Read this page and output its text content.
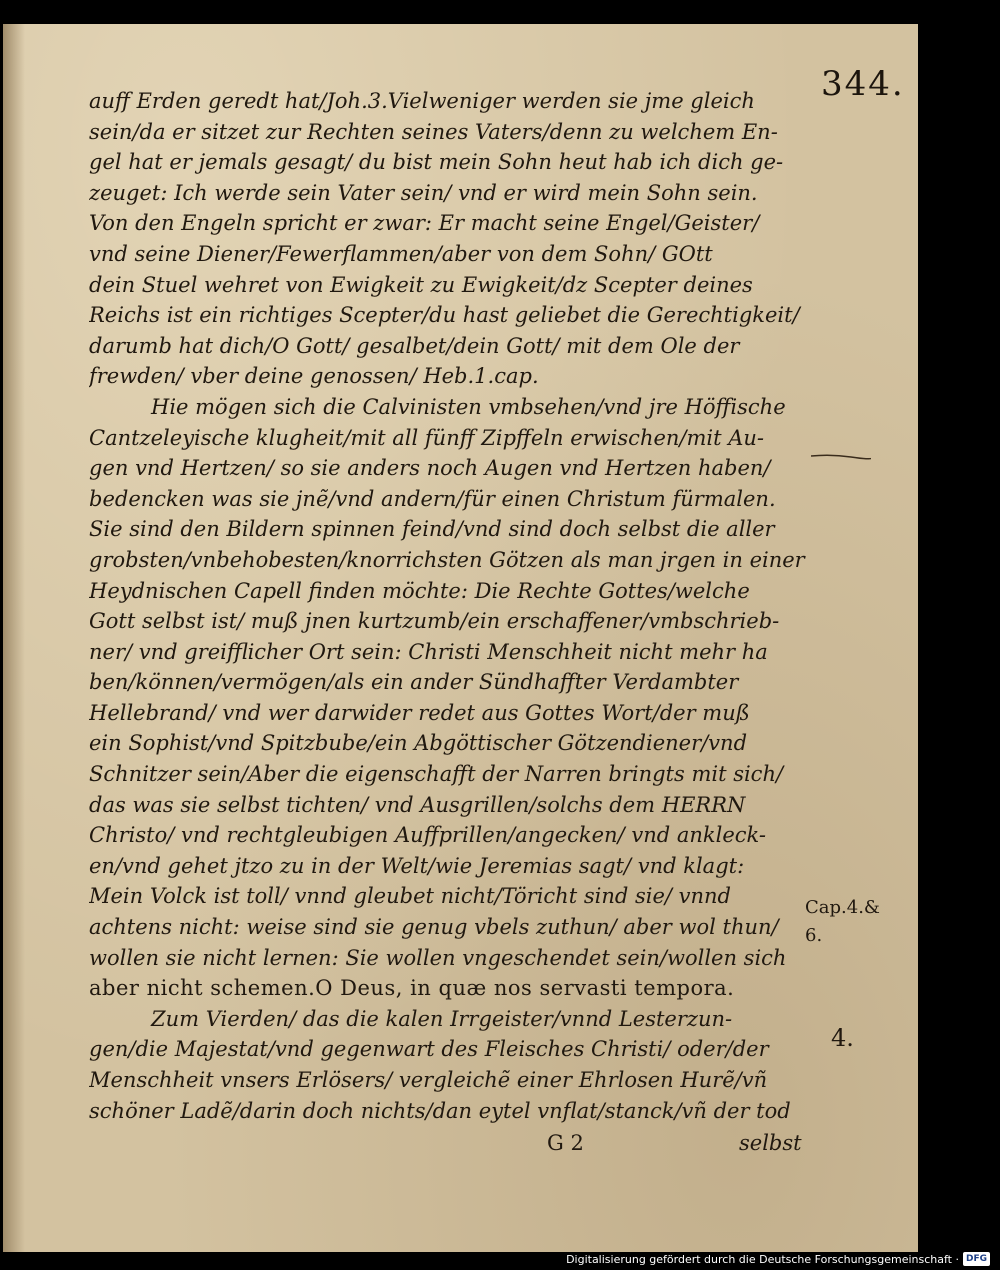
344.
auff Erden geredt hat/Joh.3.Vielweniger werden sie jme gleich
sein/da er sitzet zur Rechten seines Vaters/denn zu welchem En-
gel hat er jemals gesagt/ du bist mein Sohn heut hab ich dich ge-
zeuget: Ich werde sein Vater sein/ vnd er wird mein Sohn sein.
Von den Engeln spricht er zwar: Er macht seine Engel/Geister/
vnd seine Diener/Fewerflammen/aber von dem Sohn/ GOtt
dein Stuel wehret von Ewigkeit zu Ewigkeit/dz Scepter deines
Reichs ist ein richtiges Scepter/du hast geliebet die Gerechtigkeit/
darumb hat dich/O Gott/ gesalbet/dein Gott/ mit dem Ole der
frewden/ vber deine genossen/ Heb.1.cap.
Hie mögen sich die Calvinisten vmbsehen/vnd jre Höffische
Cantzeleyische klugheit/mit all fünff Zipffeln erwischen/mit Au-
gen vnd Hertzen/ so sie anders noch Augen vnd Hertzen haben/
bedencken was sie jnẽ/vnd andern/für einen Christum fürmalen.
Sie sind den Bildern spinnen feind/vnd sind doch selbst die aller
grobsten/vnbehobesten/knorrichsten Götzen als man jrgen in einer
Heydnischen Capell finden möchte: Die Rechte Gottes/welche
Gott selbst ist/ muß jnen kurtzumb/ein erschaffener/vmbschrieb-
ner/ vnd greifflicher Ort sein: Christi Menschheit nicht mehr ha
ben/können/vermögen/als ein ander Sündhaffter Verdambter
Hellebrand/ vnd wer darwider redet aus Gottes Wort/der muß
ein Sophist/vnd Spitzbube/ein Abgöttischer Götzendiener/vnd
Schnitzer sein/Aber die eigenschafft der Narren bringts mit sich/
das was sie selbst tichten/ vnd Ausgrillen/solchs dem HERRN
Christo/ vnd rechtgleubigen Auffprillen/angecken/ vnd ankleck-
en/vnd gehet jtzo zu in der Welt/wie Jeremias sagt/ vnd klagt:
Mein Volck ist toll/ vnnd gleubet nicht/Töricht sind sie/ vnnd
achtens nicht: weise sind sie genug vbels zuthun/ aber wol thun/
wollen sie nicht lernen: Sie wollen vngeschendet sein/wollen sich
aber nicht schemen.O Deus, in quæ nos servasti tempora.
Zum Vierden/ das die kalen Irrgeister/vnnd Lesterzun-
gen/die Majestat/vnd gegenwart des Fleisches Christi/ oder/der
Menschheit vnsers Erlösers/ vergleichẽ einer Ehrlosen Hurẽ/vñ
schöner Ladẽ/darin doch nichts/dan eytel vnflat/stanck/vñ der tod
G 2	selbst
Cap.4.&
6.
4.
Digitalisierung gefördert durch die Deutsche Forschungsgemeinschaft · DFG
